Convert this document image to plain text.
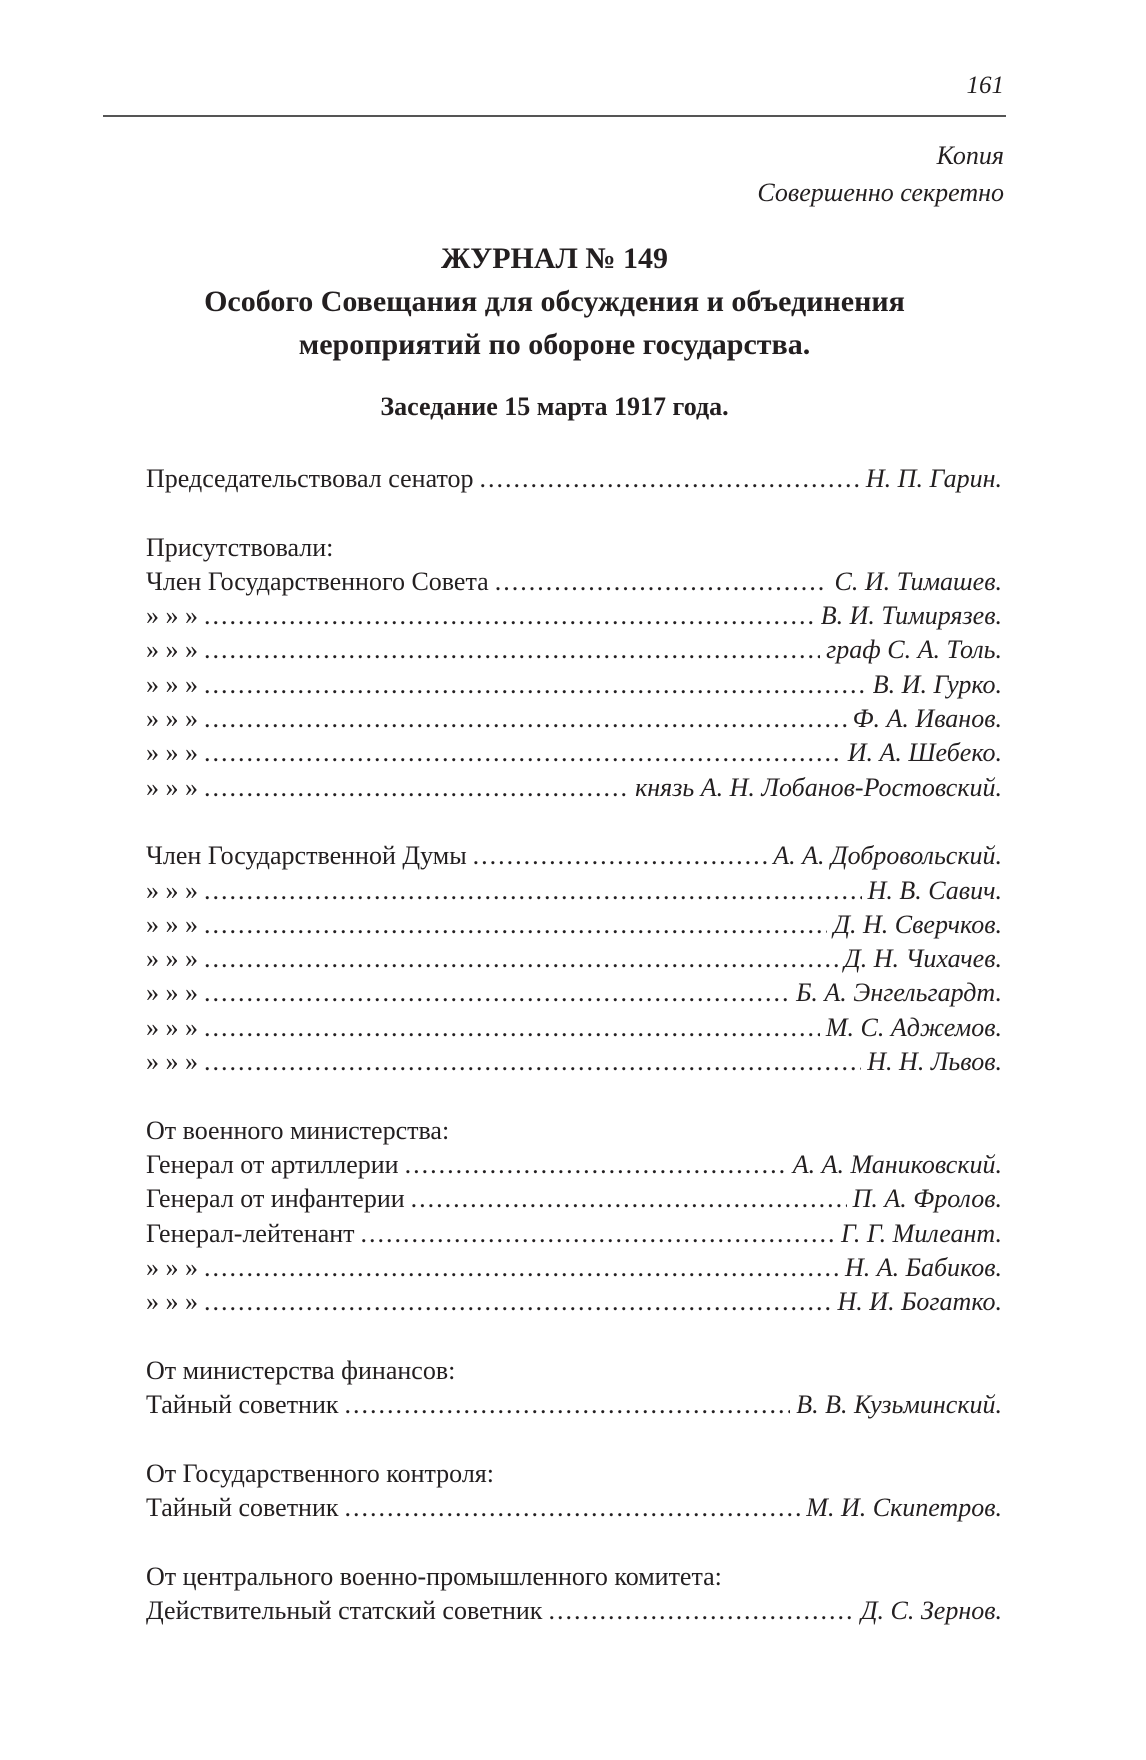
161
Копия
Совершенно секретно
ЖУРНАЛ № 149
Особого Совещания для обсуждения и объединения
мероприятий по обороне государства.
Заседание 15 марта 1917 года.
Председательствовал сенатор .....	Н. П. Гарин.
Присутствовали:
Член Государственного Совета .....	С. И. Тимашев.
» » » .....	В. И. Тимирязев.
» » » .....	граф С. А. Толь.
» » » .....	В. И. Гурко.
» » » .....	Ф. А. Иванов.
» » » .....	И. А. Шебеко.
» » » .....	князь А. Н. Лобанов-Ростовский.
Член Государственной Думы .....	А. А. Добровольский.
» » » .....	Н. В. Савич.
» » » .....	Д. Н. Сверчков.
» » » .....	Д. Н. Чихачев.
» » » .....	Б. А. Энгельгардт.
» » » .....	М. С. Аджемов.
» » » .....	Н. Н. Львов.
От военного министерства:
Генерал от артиллерии .....	А. А. Маниковский.
Генерал от инфантерии .....	П. А. Фролов.
Генерал-лейтенант .....	Г. Г. Милеант.
» » » .....	Н. А. Бабиков.
» » » .....	Н. И. Богатко.
От министерства финансов:
Тайный советник .....	В. В. Кузьминский.
От Государственного контроля:
Тайный советник .....	М. И. Скипетров.
От центрального военно-промышленного комитета:
Действительный статский советник .....	Д. С. Зернов.
